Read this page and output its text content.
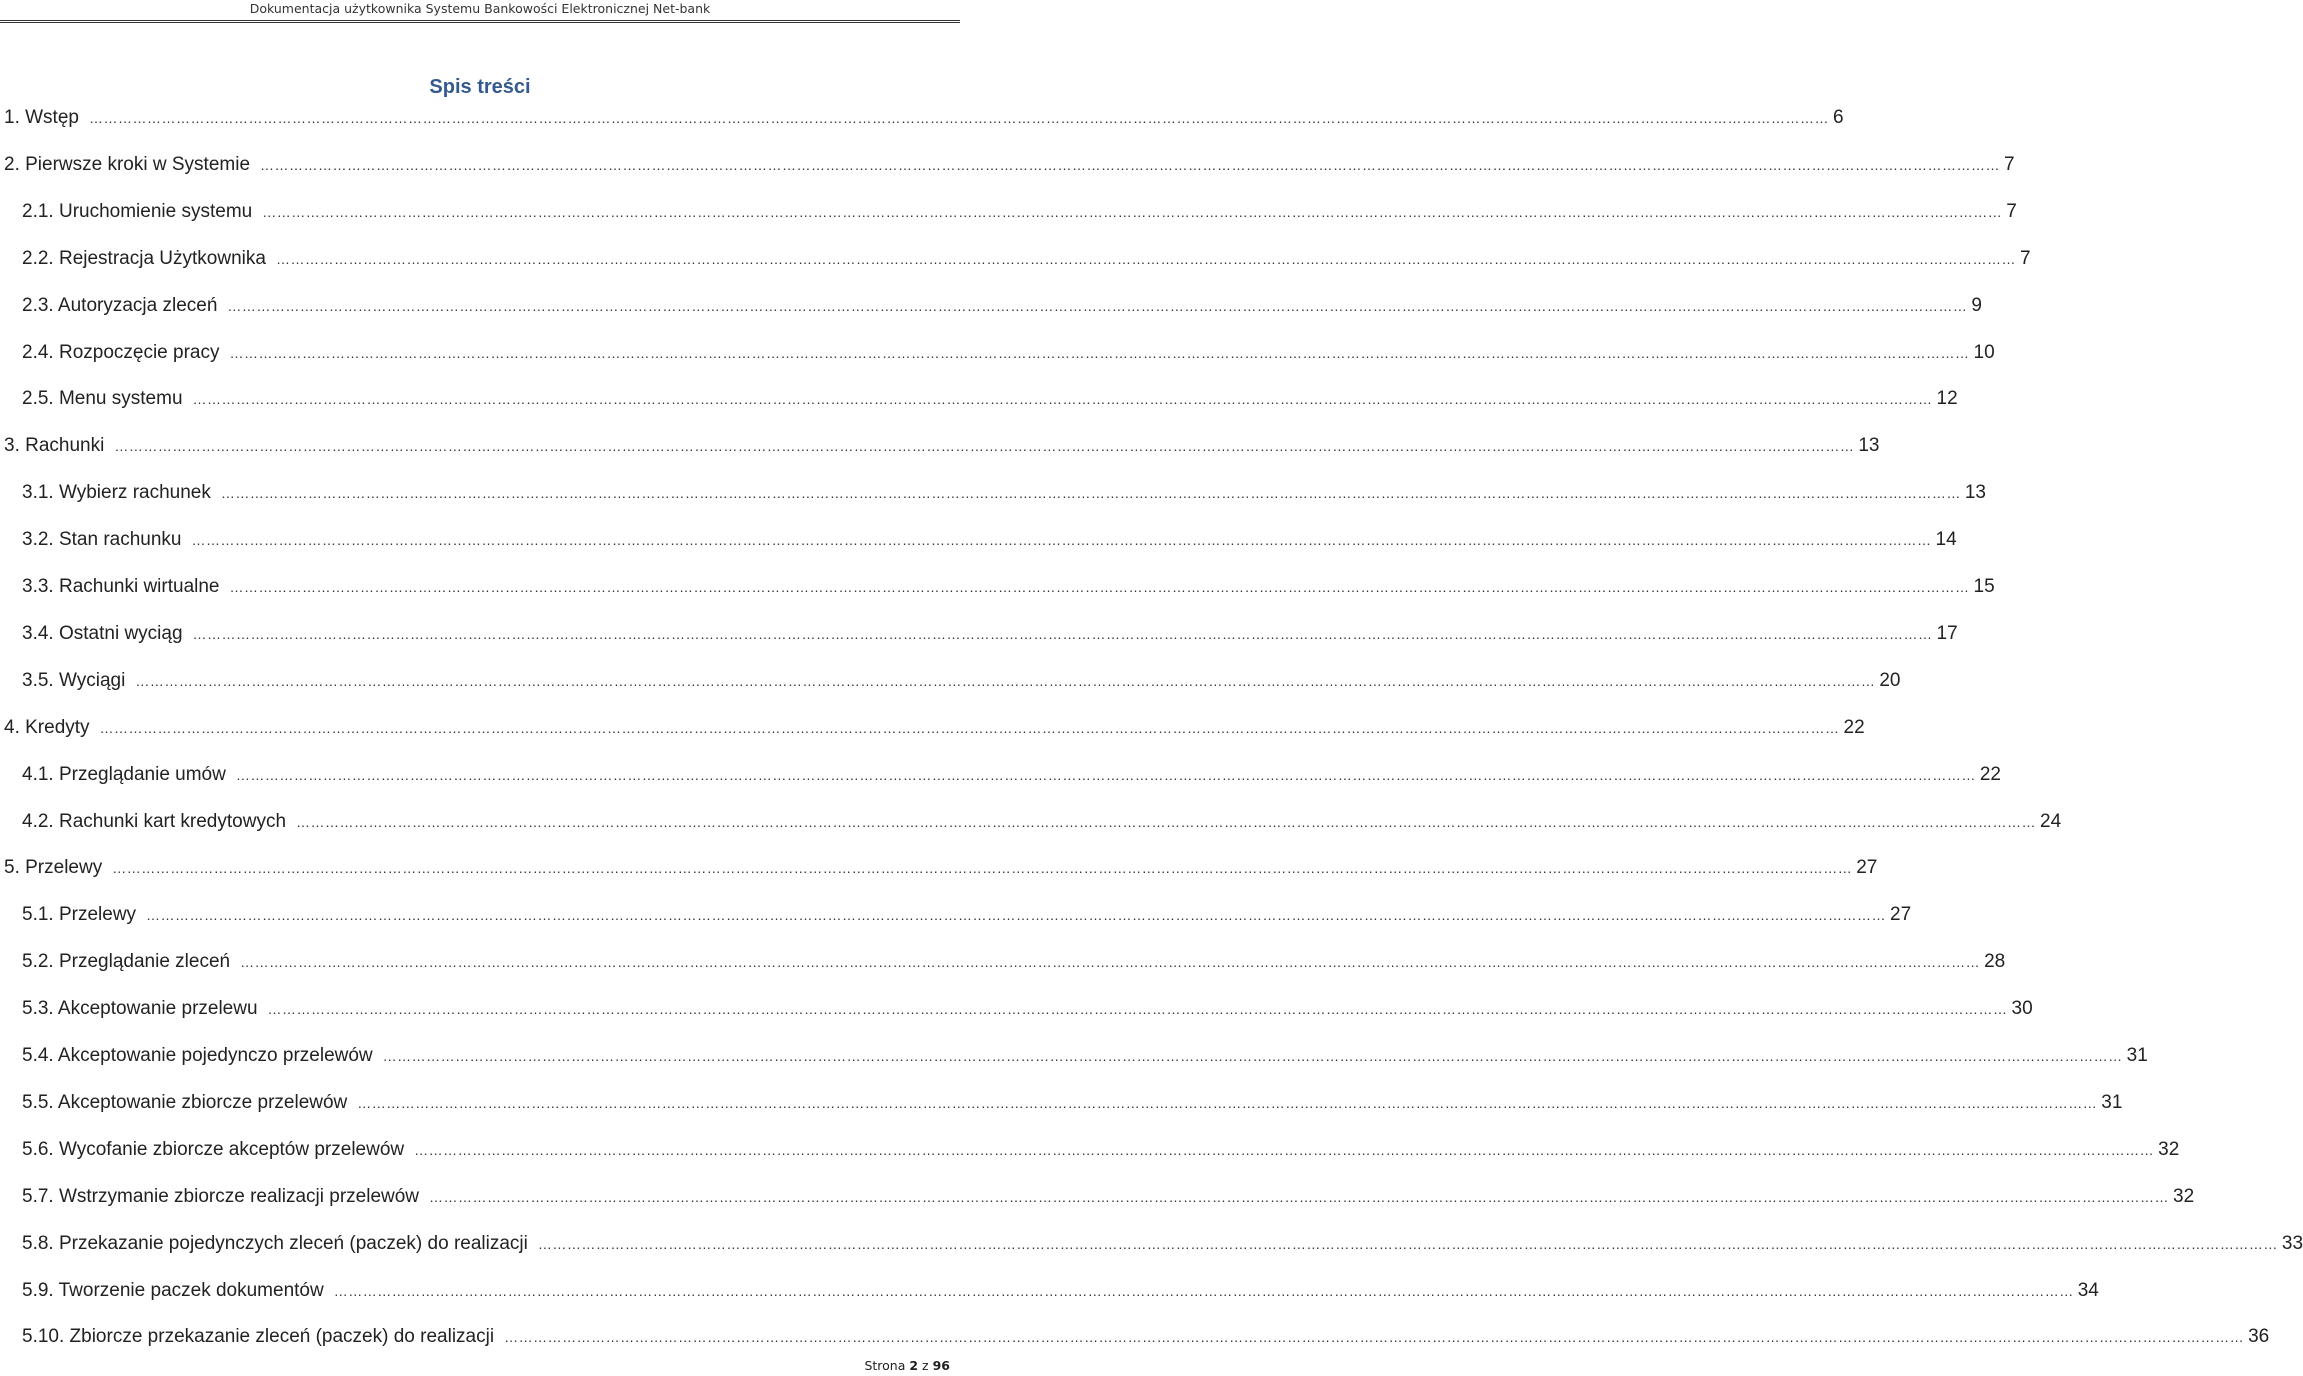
Dokumentacja użytkownika Systemu Bankowości Elektronicznej Net-bank
Spis treści
1. Wstęp ……………………………………………………………………………………………………………………………………………………………………………………………………………………………………………………………………………………………………………………………… 6
2. Pierwsze kroki w Systemie ……………………………………………………………………………………………………………………………………………………………………………………………………………………………………………………………………………………………………………………………… 7
2.1. Uruchomienie systemu ……………………………………………………………………………………………………………………………………………………………………………………………………………………………………………………………………………………………………………………………… 7
2.2. Rejestracja Użytkownika ……………………………………………………………………………………………………………………………………………………………………………………………………………………………………………………………………………………………………………………………… 7
2.3. Autoryzacja zleceń ……………………………………………………………………………………………………………………………………………………………………………………………………………………………………………………………………………………………………………………………… 9
2.4. Rozpoczęcie pracy ……………………………………………………………………………………………………………………………………………………………………………………………………………………………………………………………………………………………………………………………… 10
2.5. Menu systemu ……………………………………………………………………………………………………………………………………………………………………………………………………………………………………………………………………………………………………………………………… 12
3. Rachunki ……………………………………………………………………………………………………………………………………………………………………………………………………………………………………………………………………………………………………………………………… 13
3.1. Wybierz rachunek ……………………………………………………………………………………………………………………………………………………………………………………………………………………………………………………………………………………………………………………………… 13
3.2. Stan rachunku ……………………………………………………………………………………………………………………………………………………………………………………………………………………………………………………………………………………………………………………………… 14
3.3. Rachunki wirtualne ……………………………………………………………………………………………………………………………………………………………………………………………………………………………………………………………………………………………………………………………… 15
3.4. Ostatni wyciąg ……………………………………………………………………………………………………………………………………………………………………………………………………………………………………………………………………………………………………………………………… 17
3.5. Wyciągi ……………………………………………………………………………………………………………………………………………………………………………………………………………………………………………………………………………………………………………………………… 20
4. Kredyty ……………………………………………………………………………………………………………………………………………………………………………………………………………………………………………………………………………………………………………………………… 22
4.1. Przeglądanie umów ……………………………………………………………………………………………………………………………………………………………………………………………………………………………………………………………………………………………………………………………… 22
4.2. Rachunki kart kredytowych ……………………………………………………………………………………………………………………………………………………………………………………………………………………………………………………………………………………………………………………………… 24
5. Przelewy ……………………………………………………………………………………………………………………………………………………………………………………………………………………………………………………………………………………………………………………………… 27
5.1. Przelewy ……………………………………………………………………………………………………………………………………………………………………………………………………………………………………………………………………………………………………………………………… 27
5.2. Przeglądanie zleceń ……………………………………………………………………………………………………………………………………………………………………………………………………………………………………………………………………………………………………………………………… 28
5.3. Akceptowanie przelewu ……………………………………………………………………………………………………………………………………………………………………………………………………………………………………………………………………………………………………………………………… 30
5.4. Akceptowanie pojedynczo przelewów ……………………………………………………………………………………………………………………………………………………………………………………………………………………………………………………………………………………………………………………………… 31
5.5. Akceptowanie zbiorcze przelewów ……………………………………………………………………………………………………………………………………………………………………………………………………………………………………………………………………………………………………………………………… 31
5.6. Wycofanie zbiorcze akceptów przelewów ……………………………………………………………………………………………………………………………………………………………………………………………………………………………………………………………………………………………………………………………… 32
5.7. Wstrzymanie zbiorcze realizacji przelewów ……………………………………………………………………………………………………………………………………………………………………………………………………………………………………………………………………………………………………………………………… 32
5.8. Przekazanie pojedynczych zleceń (paczek) do realizacji ……………………………………………………………………………………………………………………………………………………………………………………………………………………………………………………………………………………………………………………………… 33
5.9. Tworzenie paczek dokumentów ……………………………………………………………………………………………………………………………………………………………………………………………………………………………………………………………………………………………………………………………… 34
5.10. Zbiorcze przekazanie zleceń (paczek) do realizacji ……………………………………………………………………………………………………………………………………………………………………………………………………………………………………………………………………………………………………………………………… 36
Strona 2 z 96
